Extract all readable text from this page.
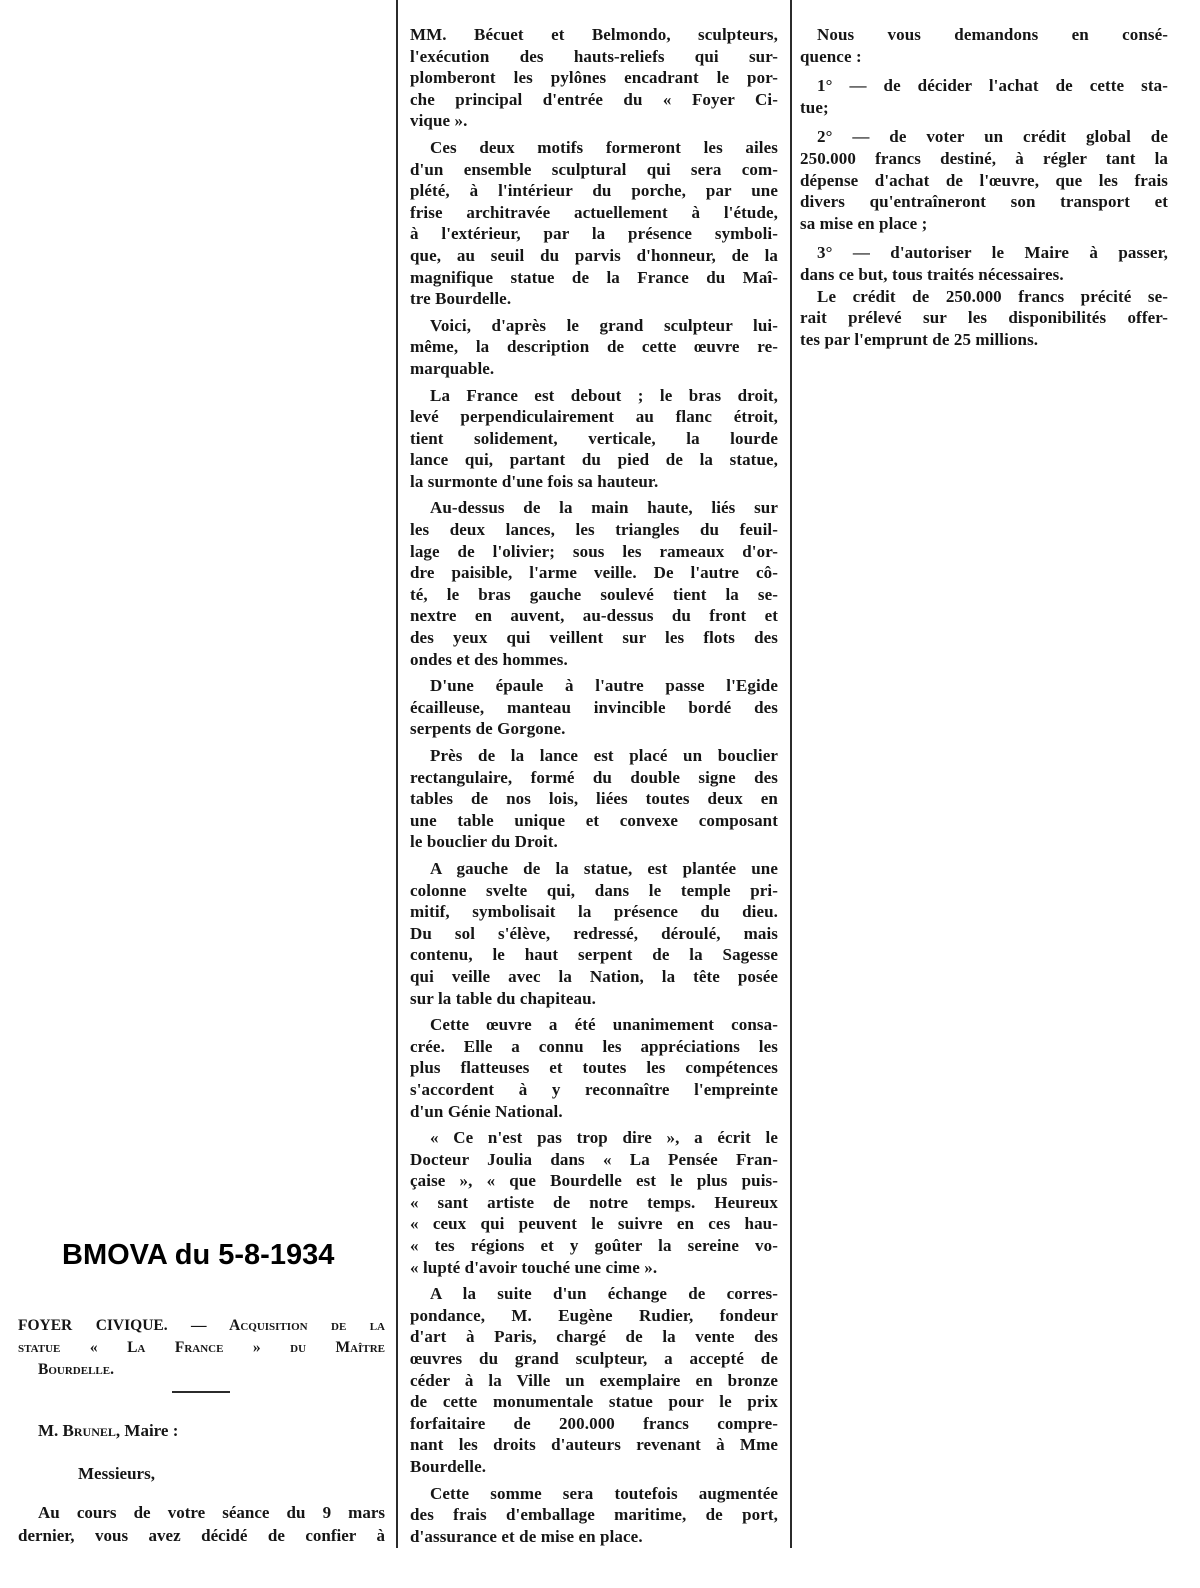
BMOVA du 5-8-1934
FOYER CIVIQUE. — Acquisition de la
statue « La France » du Maître
Bourdelle.
M. Brunel, Maire :
Messieurs,
Au cours de votre séance du 9 mars
dernier, vous avez décidé de confier à
MM. Bécuet et Belmondo, sculpteurs,
l'exécution des hauts-reliefs qui sur-
plomberont les pylônes encadrant le por-
che principal d'entrée du « Foyer Ci-
vique ».
Ces deux motifs formeront les ailes
d'un ensemble sculptural qui sera com-
plété, à l'intérieur du porche, par une
frise architravée actuellement à l'étude,
à l'extérieur, par la présence symboli-
que, au seuil du parvis d'honneur, de la
magnifique statue de la France du Maî-
tre Bourdelle.
Voici, d'après le grand sculpteur lui-
même, la description de cette œuvre re-
marquable.
La France est debout ; le bras droit,
levé perpendiculairement au flanc étroit,
tient solidement, verticale, la lourde
lance qui, partant du pied de la statue,
la surmonte d'une fois sa hauteur.
Au-dessus de la main haute, liés sur
les deux lances, les triangles du feuil-
lage de l'olivier; sous les rameaux d'or-
dre paisible, l'arme veille. De l'autre cô-
té, le bras gauche soulevé tient la se-
nextre en auvent, au-dessus du front et
des yeux qui veillent sur les flots des
ondes et des hommes.
D'une épaule à l'autre passe l'Egide
écailleuse, manteau invincible bordé des
serpents de Gorgone.
Près de la lance est placé un bouclier
rectangulaire, formé du double signe des
tables de nos lois, liées toutes deux en
une table unique et convexe composant
le bouclier du Droit.
A gauche de la statue, est plantée une
colonne svelte qui, dans le temple pri-
mitif, symbolisait la présence du dieu.
Du sol s'élève, redressé, déroulé, mais
contenu, le haut serpent de la Sagesse
qui veille avec la Nation, la tête posée
sur la table du chapiteau.
Cette œuvre a été unanimement consa-
crée. Elle a connu les appréciations les
plus flatteuses et toutes les compétences
s'accordent à y reconnaître l'empreinte
d'un Génie National.
« Ce n'est pas trop dire », a écrit le
Docteur Joulia dans « La Pensée Fran-
çaise », « que Bourdelle est le plus puis-
« sant artiste de notre temps. Heureux
« ceux qui peuvent le suivre en ces hau-
« tes régions et y goûter la sereine vo-
« lupté d'avoir touché une cime ».
A la suite d'un échange de corres-
pondance, M. Eugène Rudier, fondeur
d'art à Paris, chargé de la vente des
œuvres du grand sculpteur, a accepté de
céder à la Ville un exemplaire en bronze
de cette monumentale statue pour le prix
forfaitaire de 200.000 francs compre-
nant les droits d'auteurs revenant à Mme
Bourdelle.
Cette somme sera toutefois augmentée
des frais d'emballage maritime, de port,
d'assurance et de mise en place.
Nous vous demandons en consé-
quence :
1° — de décider l'achat de cette sta-
tue;
2° — de voter un crédit global de
250.000 francs destiné, à régler tant la
dépense d'achat de l'œuvre, que les frais
divers qu'entraîneront son transport et
sa mise en place ;
3° — d'autoriser le Maire à passer,
dans ce but, tous traités nécessaires.
Le crédit de 250.000 francs précité se-
rait prélevé sur les disponibilités offer-
tes par l'emprunt de 25 millions.
